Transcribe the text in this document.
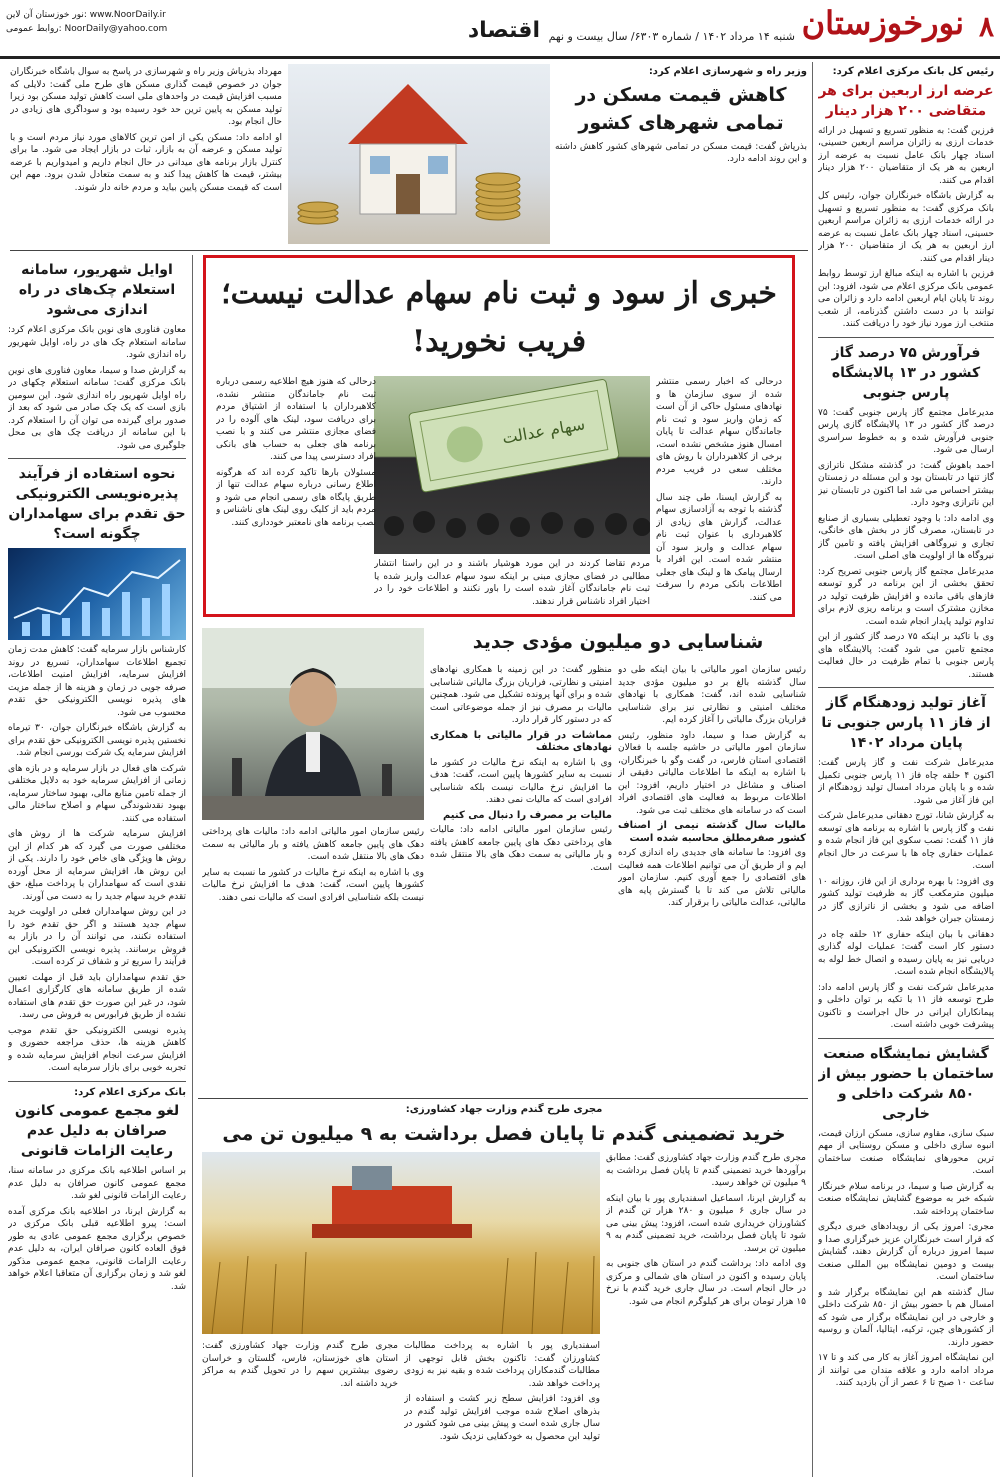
۸
نورخوزستان
شنبه ۱۴ مرداد ۱۴۰۲ / شماره ۶۳۰۳/ سال بیست و نهم
اقتصاد
نور خوزستان آن لاین: www.NoorDaily.ir
روابط عمومی: NoorDaily@yahoo.com
رئیس کل بانک مرکزی اعلام کرد:
عرضه ارز اربعین برای هر متقاضی ۲۰۰ هزار دینار

فرزین گفت: به منظور تسریع و تسهیل در ارائه خدمات ارزی به زائران مراسم اربعین حسینی، اسناد چهار بانک عامل نسبت به عرضه ارز اربعین به هر یک از متقاضیان ۲۰۰ هزار دینار اقدام می کنند.

به گزارش باشگاه خبرنگاران جوان، رئیس کل بانک مرکزی گفت: به منظور تسریع و تسهیل در ارائه خدمات ارزی به زائران مراسم اربعین حسینی، اسناد چهار بانک عامل نسبت به عرضه ارز اربعین به هر یک از متقاضیان ۲۰۰ هزار دینار اقدام می کنند.

فرزین با اشاره به اینکه مبالغ ارز توسط روابط عمومی بانک مرکزی اعلام می شود، افزود: این روند تا پایان ایام اربعین ادامه دارد و زائران می توانند با در دست داشتن گذرنامه، از شعب منتخب ارز مورد نیاز خود را دریافت کنند.

فرآورش ۷۵ درصد گاز کشور در ۱۳ پالایشگاه پارس جنوبی

مدیرعامل مجتمع گاز پارس جنوبی گفت: ۷۵ درصد گاز کشور در ۱۳ پالایشگاه گازی پارس جنوبی فرآورش شده و به خطوط سراسری ارسال می شود.

احمد باهوش گفت: در گذشته مشکل ناترازی گاز تنها در تابستان بود و این مسئله در زمستان بیشتر احساس می شد اما اکنون در تابستان نیز این ناترازی وجود دارد.

وی ادامه داد: با وجود تعطیلی بسیاری از صنایع در تابستان، مصرف گاز در بخش های خانگی، تجاری و نیروگاهی افزایش یافته و تامین گاز نیروگاه ها از اولویت های اصلی است.

مدیرعامل مجتمع گاز پارس جنوبی تصریح کرد: تحقق بخشی از این برنامه در گرو توسعه فازهای باقی مانده و افزایش ظرفیت تولید در مخازن مشترک است و برنامه ریزی لازم برای تداوم تولید پایدار انجام شده است.

وی با تاکید بر اینکه ۷۵ درصد گاز کشور از این مجتمع تامین می شود گفت: پالایشگاه های پارس جنوبی با تمام ظرفیت در حال فعالیت هستند.

آغاز تولید زودهنگام گاز از فاز ۱۱ پارس جنوبی تا پایان مرداد ۱۴۰۲

مدیرعامل شرکت نفت و گاز پارس گفت: اکنون ۴ حلقه چاه فاز ۱۱ پارس جنوبی تکمیل شده و با پایان مرداد امسال تولید زودهنگام از این فاز آغاز می شود.

به گزارش شانا، تورج دهقانی مدیرعامل شرکت نفت و گاز پارس با اشاره به برنامه های توسعه فاز ۱۱ گفت: نصب سکوی این فاز انجام شده و عملیات حفاری چاه ها با سرعت در حال انجام است.

وی افزود: با بهره برداری از این فاز، روزانه ۱۰ میلیون مترمکعب گاز به ظرفیت تولید کشور اضافه می شود و بخشی از ناترازی گاز در زمستان جبران خواهد شد.

دهقانی با بیان اینکه حفاری ۱۲ حلقه چاه در دستور کار است گفت: عملیات لوله گذاری دریایی نیز به پایان رسیده و اتصال خط لوله به پالایشگاه انجام شده است.

مدیرعامل شرکت نفت و گاز پارس ادامه داد: طرح توسعه فاز ۱۱ با تکیه بر توان داخلی و پیمانکاران ایرانی در حال اجراست و تاکنون پیشرفت خوبی داشته است.

گشایش نمایشگاه صنعت ساختمان با حضور بیش از ۸۵۰ شرکت داخلی و خارجی

سبک سازی، مقاوم سازی، مسکن ارزان قیمت، انبوه سازی داخلی و مسکن روستایی از مهم ترین محورهای نمایشگاه صنعت ساختمان است.

به گزارش صبا و سیما، در برنامه سلام خبرنگار شبکه خبر به موضوع گشایش نمایشگاه صنعت ساختمان پرداخته شد.

مجری: امروز یکی از رویدادهای خبری دیگری که قرار است خبرنگاران عزیز خبرگزاری صدا و سیما امروز درباره آن گزارش دهند، گشایش بیست و دومین نمایشگاه بین المللی صنعت ساختمان است.

سال گذشته هم این نمایشگاه برگزار شد و امسال هم با حضور بیش از ۸۵۰ شرکت داخلی و خارجی در این نمایشگاه برگزار می شود که از کشورهای چین، ترکیه، ایتالیا، آلمان و روسیه حضور دارند.

این نمایشگاه امروز آغاز به کار می کند و تا ۱۷ مرداد ادامه دارد و علاقه مندان می توانند از ساعت ۱۰ صبح تا ۶ عصر از آن بازدید کنند.

وزیر راه و شهرسازی اعلام کرد:
کاهش قیمت مسکن در تمامی شهرهای کشور

بذرپاش گفت: قیمت مسکن در تمامی شهرهای کشور کاهش داشته و این روند ادامه دارد.

مهرداد بذرپاش وزیر راه و شهرسازی در پاسخ به سوال باشگاه خبرنگاران جوان در خصوص قیمت گذاری مسکن های طرح ملی گفت: دلایلی که مسبب افزایش قیمت در واحدهای ملی است کاهش تولید مسکن بود زیرا تولید مسکن به پایین ترین حد خود رسیده بود و سوداگری های زیادی در حال انجام بود.

او ادامه داد: مسکن یکی از امن ترین کالاهای مورد نیاز مردم است و با تولید مسکن و عرضه آن به بازار، ثبات در بازار ایجاد می شود. ما برای کنترل بازار برنامه های میدانی در حال انجام داریم و امیدواریم با عرضه بیشتر، قیمت ها کاهش پیدا کند و به سمت متعادل شدن برود. مهم این است که قیمت مسکن پایین بیاید و مردم خانه دار شوند.

خبری از سود و ثبت نام سهام عدالت نیست؛ فریب نخورید!

درحالی که اخبار رسمی منتشر شده از سوی سازمان ها و نهادهای مسئول حاکی از آن است که زمان واریز سود و ثبت نام جاماندگان سهام عدالت تا پایان امسال هنوز مشخص نشده است، برخی از کلاهبرداران با روش های مختلف سعی در فریب مردم دارند.

به گزارش ایسنا، طی چند سال گذشته با توجه به آزادسازی سهام عدالت، گزارش های زیادی از کلاهبرداری با عنوان ثبت نام سهام عدالت و واریز سود آن منتشر شده است. این افراد با ارسال پیامک ها و لینک های جعلی اطلاعات بانکی مردم را سرقت می کنند.

سهام عدالت

مردم تقاضا کردند در این مورد هوشیار باشند و در این راستا انتشار مطالبی در فضای مجازی مبنی بر اینکه سود سهام عدالت واریز شده یا ثبت نام جاماندگان آغاز شده است را باور نکنند و اطلاعات خود را در اختیار افراد ناشناس قرار ندهند.

درحالی که هنوز هیچ اطلاعیه رسمی درباره ثبت نام جاماندگان منتشر نشده، کلاهبرداران با استفاده از اشتیاق مردم برای دریافت سود، لینک های آلوده را در فضای مجازی منتشر می کنند و با نصب برنامه های جعلی به حساب های بانکی افراد دسترسی پیدا می کنند.

مسئولان بارها تاکید کرده اند که هرگونه اطلاع رسانی درباره سهام عدالت تنها از طریق پایگاه های رسمی انجام می شود و مردم باید از کلیک روی لینک های ناشناس و نصب برنامه های نامعتبر خودداری کنند.

اوایل شهریور، سامانه استعلام چک‌های در راه اندازی می‌شود

معاون فناوری های نوین بانک مرکزی اعلام کرد: سامانه استعلام چک های در راه، اوایل شهریور راه اندازی شود.

به گزارش صدا و سیما، معاون فناوری های نوین بانک مرکزی گفت: سامانه استعلام چکهای در راه اوایل شهریور راه اندازی شود. این سومین بازی است که یک چک صادر می شود که بعد از صدور برای گیرنده می توان آن را استعلام کرد. با این سامانه از دریافت چک های بی محل جلوگیری می شود.

نحوه استفاده از فرآیند پذیره‌نویسی الکترونیکی حق تقدم برای سهامداران چگونه است؟

کارشناس بازار سرمایه گفت: کاهش مدت زمان تجمیع اطلاعات سهامداران، تسریع در روند افزایش سرمایه، افزایش امنیت اطلاعات، صرفه جویی در زمان و هزینه ها از جمله مزیت های پذیره نویسی الکترونیکی حق تقدم محسوب می شود.

به گزارش باشگاه خبرنگاران جوان، ۳۰ تیرماه نخستین پذیره نویسی الکترونیکی حق تقدم برای افزایش سرمایه یک شرکت بورسی انجام شد.

شرکت های فعال در بازار سرمایه و در بازه های زمانی از افزایش سرمایه خود به دلایل مختلفی از جمله تامین منابع مالی، بهبود ساختار سرمایه، بهبود نقدشوندگی سهام و اصلاح ساختار مالی استفاده می کنند.

افزایش سرمایه شرکت ها از روش های مختلفی صورت می گیرد که هر کدام از این روش ها ویژگی های خاص خود را دارند. یکی از این روش ها، افزایش سرمایه از محل آورده نقدی است که سهامداران با پرداخت مبلغ، حق تقدم خرید سهام جدید را به دست می آورند.

در این روش سهامداران فعلی در اولویت خرید سهام جدید هستند و اگر حق تقدم خود را استفاده نکنند، می توانند آن را در بازار به فروش برسانند. پذیره نویسی الکترونیکی این فرآیند را سریع تر و شفاف تر کرده است.

حق تقدم سهامداران باید قبل از مهلت تعیین شده از طریق سامانه های کارگزاری اعمال شود، در غیر این صورت حق تقدم های استفاده نشده از طریق فرابورس به فروش می رسد.

پذیره نویسی الکترونیکی حق تقدم موجب کاهش هزینه ها، حذف مراجعه حضوری و افزایش سرعت انجام افزایش سرمایه شده و تجربه خوبی برای بازار سرمایه است.

بانک مرکزی اعلام کرد:
لغو مجمع عمومی کانون صرافان به دلیل عدم رعایت الزامات قانونی

بر اساس اطلاعیه بانک مرکزی در سامانه سنا، مجمع عمومی کانون صرافان به دلیل عدم رعایت الزامات قانونی لغو شد.

به گزارش ایرنا، در اطلاعیه بانک مرکزی آمده است: پیرو اطلاعیه قبلی بانک مرکزی در خصوص برگزاری مجمع عمومی عادی به طور فوق العاده کانون صرافان ایران، به دلیل عدم رعایت الزامات قانونی، مجمع عمومی مذکور لغو شد و زمان برگزاری آن متعاقبا اعلام خواهد شد.

شناسایی دو میلیون مؤدی جدید

رئیس سازمان امور مالیاتی با بیان اینکه طی دو سال گذشته بالغ بر دو میلیون مؤدی جدید شناسایی شده اند، گفت: همکاری با نهادهای مختلف امنیتی و نظارتی نیز برای شناسایی فراریان بزرگ مالیاتی را آغاز کرده ایم.

به گزارش صدا و سیما، داود منظور، رئیس سازمان امور مالیاتی در حاشیه جلسه با فعالان اقتصادی استان فارس، در گفت وگو با خبرنگاران، با اشاره به اینکه ما اطلاعات مالیاتی دقیقی از اصناف و مشاغل در اختیار داریم، افزود: این اطلاعات مربوط به فعالیت های اقتصادی افراد است که در سامانه های مختلف ثبت می شود.

مالیات سال گذشته نیمی از اصناف کشور صفرمطلق محاسبه شده است

وی افزود: ما سامانه های جدیدی راه اندازی کرده ایم و از طریق آن می توانیم اطلاعات همه فعالیت های اقتصادی را جمع آوری کنیم. سازمان امور مالیاتی تلاش می کند تا با گسترش پایه های مالیاتی، عدالت مالیاتی را برقرار کند.

منظور گفت: در این زمینه با همکاری نهادهای امنیتی و نظارتی، فراریان بزرگ مالیاتی شناسایی شده و برای آنها پرونده تشکیل می شود. همچنین مالیات بر مصرف نیز از جمله موضوعاتی است که در دستور کار قرار دارد.

مماشات در قرار مالیاتی با همکاری نهادهای مختلف

وی با اشاره به اینکه نرخ مالیات در کشور ما نسبت به سایر کشورها پایین است، گفت: هدف ما افزایش نرخ مالیات نیست بلکه شناسایی افرادی است که مالیات نمی دهند.

مالیات بر مصرف را دنبال می کنیم

رئیس سازمان امور مالیاتی ادامه داد: مالیات های پرداختی دهک های پایین جامعه کاهش یافته و بار مالیاتی به سمت دهک های بالا منتقل شده است.

رئیس سازمان امور مالیاتی ادامه داد: مالیات های پرداختی دهک های پایین جامعه کاهش یافته و بار مالیاتی به سمت دهک های بالا منتقل شده است.

وی با اشاره به اینکه نرخ مالیات در کشور ما نسبت به سایر کشورها پایین است، گفت: هدف ما افزایش نرخ مالیات نیست بلکه شناسایی افرادی است که مالیات نمی دهند.

مجری طرح گندم وزارت جهاد کشاورزی:
خرید تضمینی گندم تا پایان فصل برداشت به ۹ میلیون تن می

مجری طرح گندم وزارت جهاد کشاورزی گفت: مطابق برآوردها خرید تضمینی گندم تا پایان فصل برداشت به ۹ میلیون تن خواهد رسید.

به گزارش ایرنا، اسماعیل اسفندیاری پور با بیان اینکه در سال جاری ۶ میلیون و ۲۸۰ هزار تن گندم از کشاورزان خریداری شده است، افزود: پیش بینی می شود تا پایان فصل برداشت، خرید تضمینی گندم به ۹ میلیون تن برسد.

وی ادامه داد: برداشت گندم در استان های جنوبی به پایان رسیده و اکنون در استان های شمالی و مرکزی در حال انجام است. در سال جاری خرید گندم با نرخ ۱۵ هزار تومان برای هر کیلوگرم انجام می شود.

اسفندیاری پور با اشاره به پرداخت مطالبات کشاورزان گفت: تاکنون بخش قابل توجهی از مطالبات گندمکاران پرداخت شده و بقیه نیز به زودی پرداخت خواهد شد.

وی افزود: افزایش سطح زیر کشت و استفاده از بذرهای اصلاح شده موجب افزایش تولید گندم در سال جاری شده است و پیش بینی می شود کشور در تولید این محصول به خودکفایی نزدیک شود.

مجری طرح گندم وزارت جهاد کشاورزی گفت: استان های خوزستان، فارس، گلستان و خراسان رضوی بیشترین سهم را در تحویل گندم به مراکز خرید داشته اند.
